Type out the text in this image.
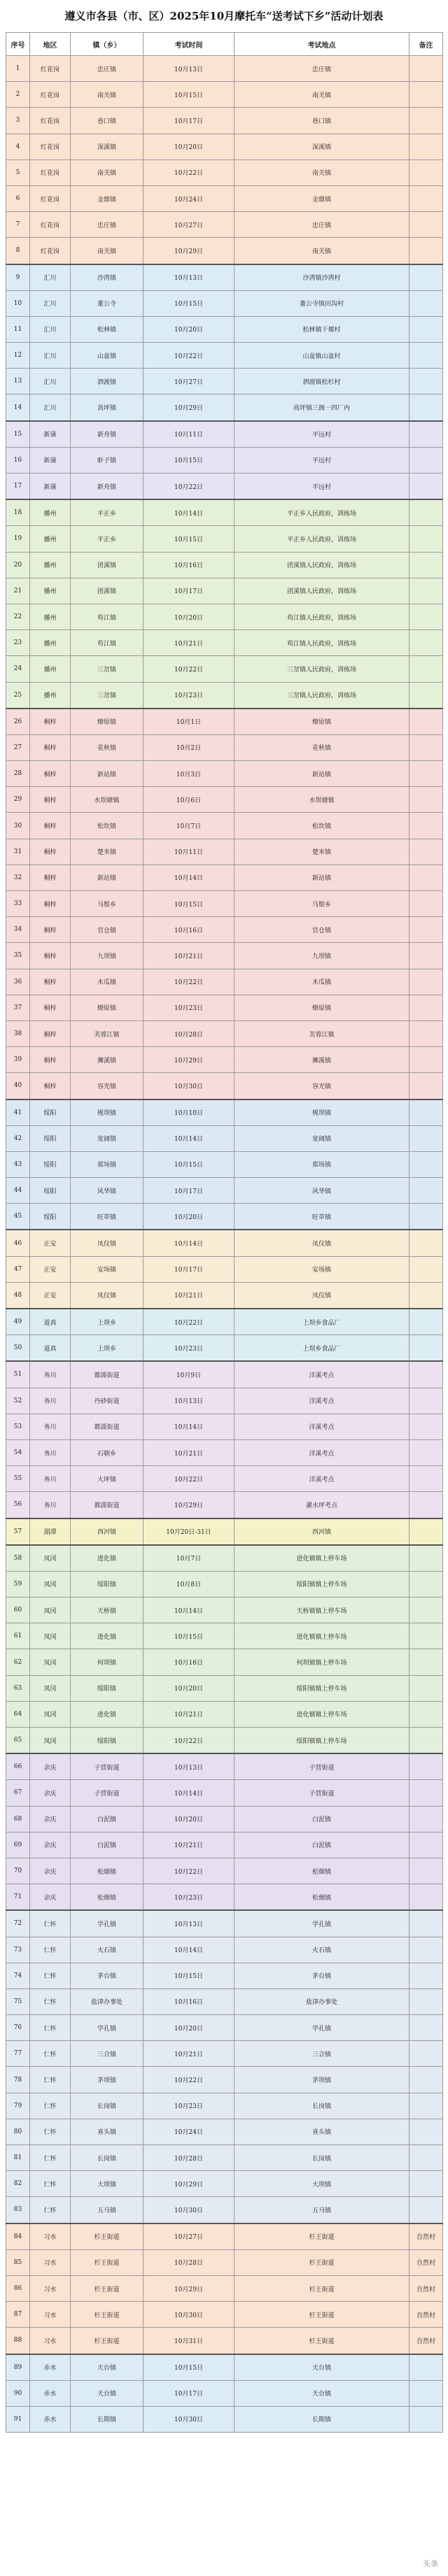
遵义市各县（市、区）2025年10月摩托车“送考试下乡”活动计划表
序号	地区	镇（乡）	考试时间	考试地点	备注
1	红花岗	忠庄镇	10月13日	忠庄镇	
2	红花岗	南关镇	10月15日	南关镇	
3	红花岗	巷口镇	10月17日	巷口镇	
4	红花岗	深溪镇	10月20日	深溪镇	
5	红花岗	南关镇	10月22日	南关镇	
6	红花岗	金鼎镇	10月24日	金鼎镇	
7	红花岗	忠庄镇	10月27日	忠庄镇	
8	红花岗	南关镇	10月29日	南关镇	
9	汇川	沙湾镇	10月13日	沙湾镇沙湾村	
10	汇川	董公寺	10月15日	董公寺镇田沟村	
11	汇川	松林镇	10月20日	松林镇干堰村	
12	汇川	山盆镇	10月22日	山盆镇山盆村	
13	汇川	泗渡镇	10月27日	泗渡镇松杉村	
14	汇川	高坪镇	10月29日	高坪镇三阁一四厂内	
15	新蒲	新舟镇	10月11日	平远村	
16	新蒲	虾子镇	10月15日	平远村	
17	新蒲	新舟镇	10月22日	平远村	
18	播州	平正乡	10月14日	平正乡人民政府，训练场	
19	播州	平正乡	10月15日	平正乡人民政府，训练场	
20	播州	团溪镇	10月16日	团溪镇人民政府，训练场	
21	播州	团溪镇	10月17日	团溪镇人民政府，训练场	
22	播州	苟江镇	10月20日	苟江镇人民政府，训练场	
23	播州	苟江镇	10月21日	苟江镇人民政府，训练场	
24	播州	三岔镇	10月22日	三岔镇人民政府，训练场	
25	播州	三岔镇	10月23日	三岔镇人民政府，训练场	
26	桐梓	燎原镇	10月1日	燎原镇	
27	桐梓	花秋镇	10月2日	花秋镇	
28	桐梓	新站镇	10月3日	新站镇	
29	桐梓	水坝塘镇	10月6日	水坝塘镇	
30	桐梓	松坎镇	10月7日	松坎镇	
31	桐梓	楚米镇	10月11日	楚米镇	
32	桐梓	新站镇	10月14日	新站镇	
33	桐梓	马鬃乡	10月15日	马鬃乡	
34	桐梓	官仓镇	10月16日	官仓镇	
35	桐梓	九坝镇	10月21日	九坝镇	
36	桐梓	木瓜镇	10月22日	木瓜镇	
37	桐梓	燎原镇	10月23日	燎原镇	
38	桐梓	芙蓉江镇	10月28日	芙蓉江镇	
39	桐梓	狮溪镇	10月29日	狮溪镇	
40	桐梓	容光镇	10月30日	容光镇	
41	绥阳	枧坝镇	10月10日	枧坝镇	
42	绥阳	宽阔镇	10月14日	宽阔镇	
43	绥阳	郑场镇	10月15日	郑场镇	
44	绥阳	风华镇	10月17日	风华镇	
45	绥阳	旺草镇	10月20日	旺草镇	
46	正安	凤仪镇	10月14日	凤仪镇	
47	正安	安场镇	10月17日	安场镇	
48	正安	凤仪镇	10月21日	凤仪镇	
49	道真	上坝乡	10月22日	上坝乡食品厂	
50	道真	上坝乡	10月23日	上坝乡食品厂	
51	务川	都濡街道	10月9日	洋溪考点	
52	务川	丹砂街道	10月13日	洋溪考点	
53	务川	都濡街道	10月14日	洋溪考点	
54	务川	石朝乡	10月21日	洋溪考点	
55	务川	大坪镇	10月22日	洋溪考点	
56	务川	都濡街道	10月29日	濯水坪考点	
57	湄潭	西河镇	10月20日-31日	西河镇	
58	凤冈	进化镇	10月7日	进化镇镇上停车场	
59	凤冈	绥阳镇	10月8日	绥阳镇镇上停车场	
60	凤冈	天桥镇	10月14日	天桥镇镇上停车场	
61	凤冈	进化镇	10月15日	进化镇镇上停车场	
62	凤冈	何坝镇	10月16日	何坝镇镇上停车场	
63	凤冈	绥阳镇	10月20日	绥阳镇镇上停车场	
64	凤冈	进化镇	10月21日	进化镇镇上停车场	
65	凤冈	绥阳镇	10月22日	绥阳镇镇上停车场	
66	余庆	子营街道	10月13日	子营街道	
67	余庆	子营街道	10月14日	子营街道	
68	余庆	白泥镇	10月20日	白泥镇	
69	余庆	白泥镇	10月21日	白泥镇	
70	余庆	松烟镇	10月22日	松烟镇	
71	余庆	松烟镇	10月23日	松烟镇	
72	仁怀	学孔镇	10月13日	学孔镇	
73	仁怀	火石镇	10月14日	火石镇	
74	仁怀	茅台镇	10月15日	茅台镇	
75	仁怀	盐津办事处	10月16日	盐津办事处	
76	仁怀	学孔镇	10月20日	学孔镇	
77	仁怀	三合镇	10月21日	三合镇	
78	仁怀	茅坝镇	10月22日	茅坝镇	
79	仁怀	长岗镇	10月23日	长岗镇	
80	仁怀	喜头镇	10月24日	喜头镇	
81	仁怀	长岗镇	10月28日	长岗镇	
82	仁怀	大坝镇	10月29日	大坝镇	
83	仁怀	五马镇	10月30日	五马镇	
84	习水	杉王街道	10月27日	杉王街道	自然村
85	习水	杉王街道	10月28日	杉王街道	自然村
86	习水	杉王街道	10月29日	杉王街道	自然村
87	习水	杉王街道	10月30日	杉王街道	自然村
88	习水	杉王街道	10月31日	杉王街道	自然村
89	赤水	天台镇	10月15日	天台镇	
90	赤水	天台镇	10月17日	天台镇	
91	赤水	长期镇	10月30日	长期镇	
头条
